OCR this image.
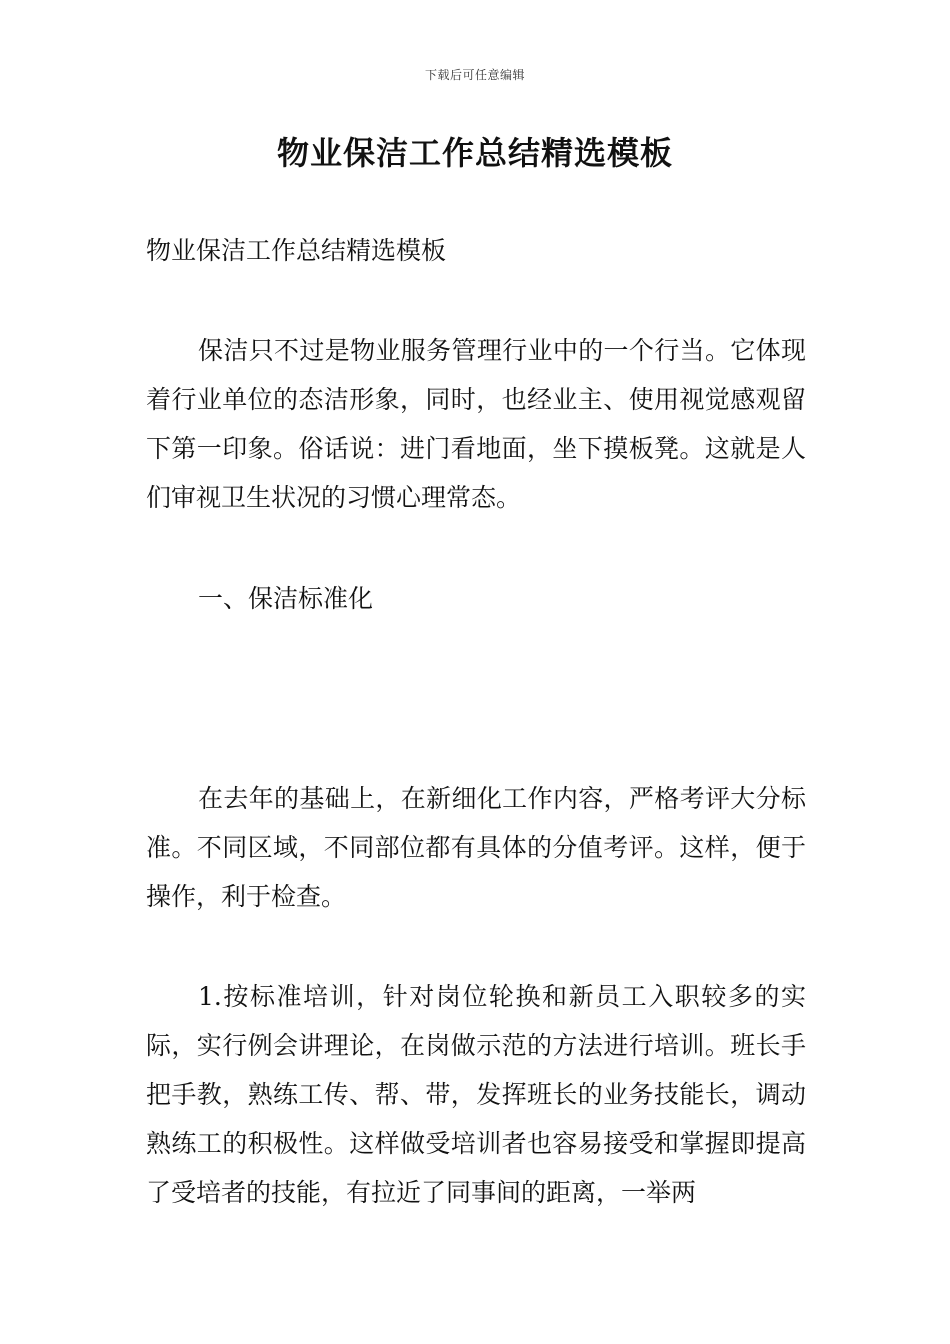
下载后可任意编辑
物业保洁工作总结精选模板

物业保洁工作总结精选模板

保洁只不过是物业服务管理行业中的一个行当。它体现着行业单位的态洁形象，同时，也经业主、使用视觉感观留下第一印象。俗话说：进门看地面，坐下摸板凳。这就是人们审视卫生状况的习惯心理常态。

一、保洁标准化

在去年的基础上，在新细化工作内容，严格考评大分标准。不同区域，不同部位都有具体的分值考评。这样，便于操作，利于检查。

1.按标准培训，针对岗位轮换和新员工入职较多的实际，实行例会讲理论，在岗做示范的方法进行培训。班长手把手教，熟练工传、帮、带，发挥班长的业务技能长，调动熟练工的积极性。这样做受培训者也容易接受和掌握即提高了受培者的技能，有拉近了同事间的距离，一举两
